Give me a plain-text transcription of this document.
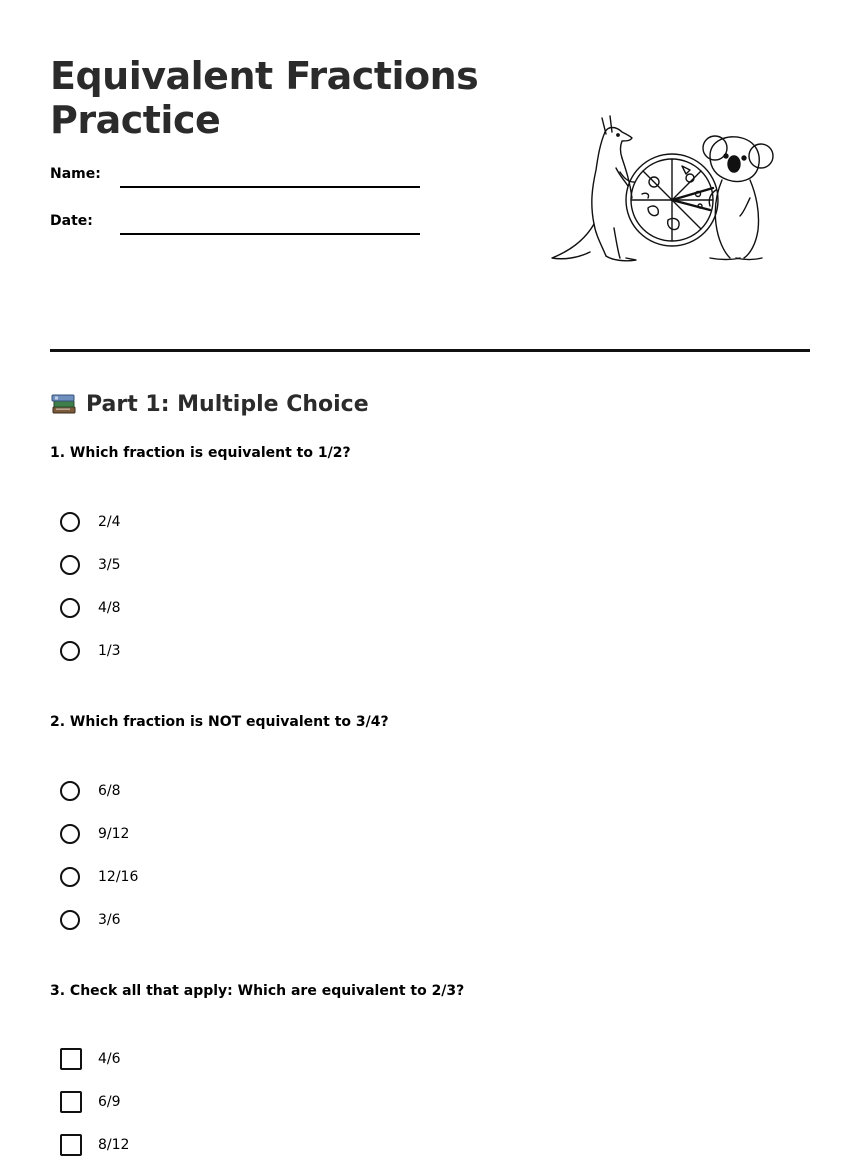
Equivalent Fractions
Practice
Name:
Date:
Part 1: Multiple Choice
1. Which fraction is equivalent to 1/2?
2/4
3/5
4/8
1/3
2. Which fraction is NOT equivalent to 3/4?
6/8
9/12
12/16
3/6
3. Check all that apply: Which are equivalent to 2/3?
4/6
6/9
8/12
